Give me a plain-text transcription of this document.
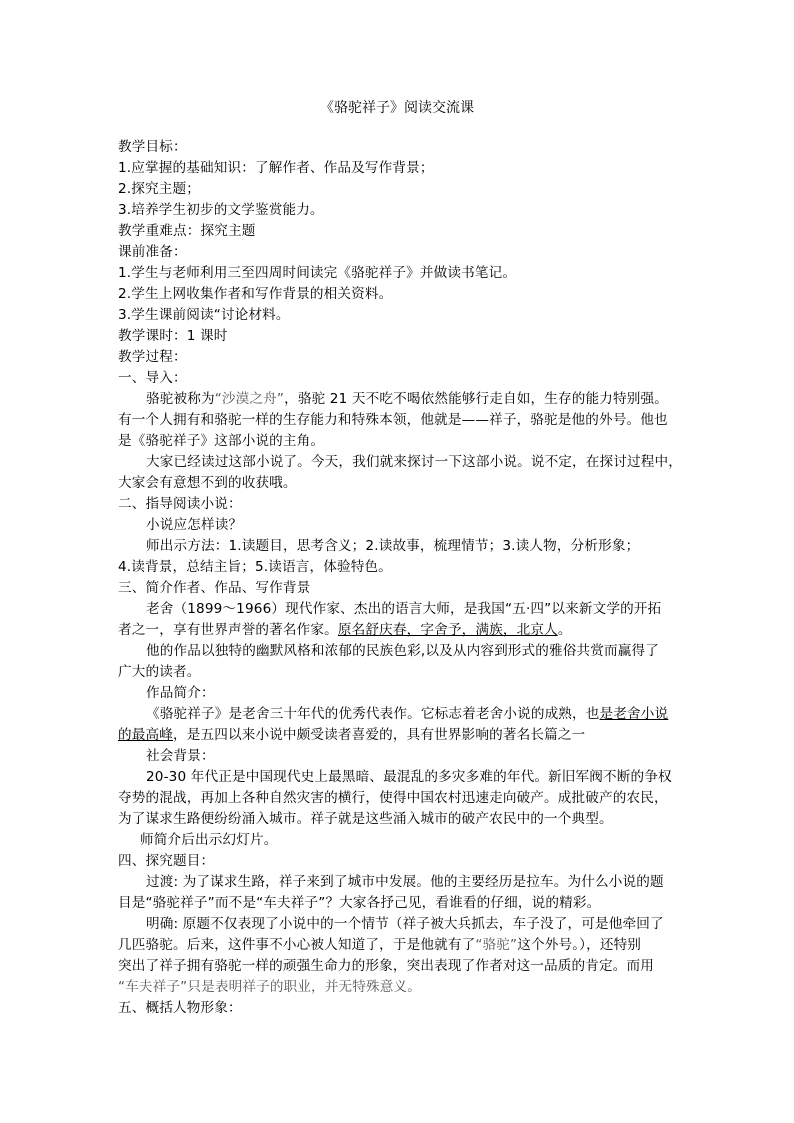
《骆驼祥子》阅读交流课
教学目标：
1.应掌握的基础知识：了解作者、作品及写作背景；
2.探究主题；
3.培养学生初步的文学鉴赏能力。
教学重难点：探究主题
课前准备：
1.学生与老师利用三至四周时间读完《骆驼祥子》并做读书笔记。
2.学生上网收集作者和写作背景的相关资料。
3.学生课前阅读“讨论材料。
教学课时：1 课时
教学过程：
一、导入：
骆驼被称为“沙漠之舟”，骆驼 21 天不吃不喝依然能够行走自如，生存的能力特别强。
有一个人拥有和骆驼一样的生存能力和特殊本领，他就是——祥子，骆驼是他的外号。他也
是《骆驼祥子》这部小说的主角。
大家已经读过这部小说了。今天，我们就来探讨一下这部小说。说不定，在探讨过程中，
大家会有意想不到的收获哦。
二、指导阅读小说：
小说应怎样读？
师出示方法：1.读题目，思考含义；2.读故事，梳理情节；3.读人物，分析形象；
4.读背景，总结主旨；5.读语言，体验特色。
三、简介作者、作品、写作背景
老舍（1899～1966）现代作家、杰出的语言大师，是我国“五·四”以来新文学的开拓
者之一，享有世界声誉的著名作家。原名舒庆春，字舍予，满族，北京人。
他的作品以独特的幽默风格和浓郁的民族色彩,以及从内容到形式的雅俗共赏而赢得了
广大的读者。
作品简介：
《骆驼祥子》是老舍三十年代的优秀代表作。它标志着老舍小说的成熟，也是老舍小说
的最高峰，是五四以来小说中颇受读者喜爱的，具有世界影响的著名长篇之一
社会背景：
20-30 年代正是中国现代史上最黑暗、最混乱的多灾多难的年代。新旧军阀不断的争权
夺势的混战，再加上各种自然灾害的横行，使得中国农村迅速走向破产。成批破产的农民，
为了谋求生路便纷纷涌入城市。祥子就是这些涌入城市的破产农民中的一个典型。
师简介后出示幻灯片。
四、探究题目：
过渡: 为了谋求生路，祥子来到了城市中发展。他的主要经历是拉车。为什么小说的题
目是“骆驼祥子”而不是“车夫祥子”？大家各抒己见，看谁看的仔细，说的精彩。
明确: 原题不仅表现了小说中的一个情节（祥子被大兵抓去，车子没了，可是他牵回了
几匹骆驼。后来，这件事不小心被人知道了，于是他就有了“骆驼”这个外号。），还特别
突出了祥子拥有骆驼一样的顽强生命力的形象，突出表现了作者对这一品质的肯定。而用
“车夫祥子”只是表明祥子的职业，并无特殊意义。
五、概括人物形象：
